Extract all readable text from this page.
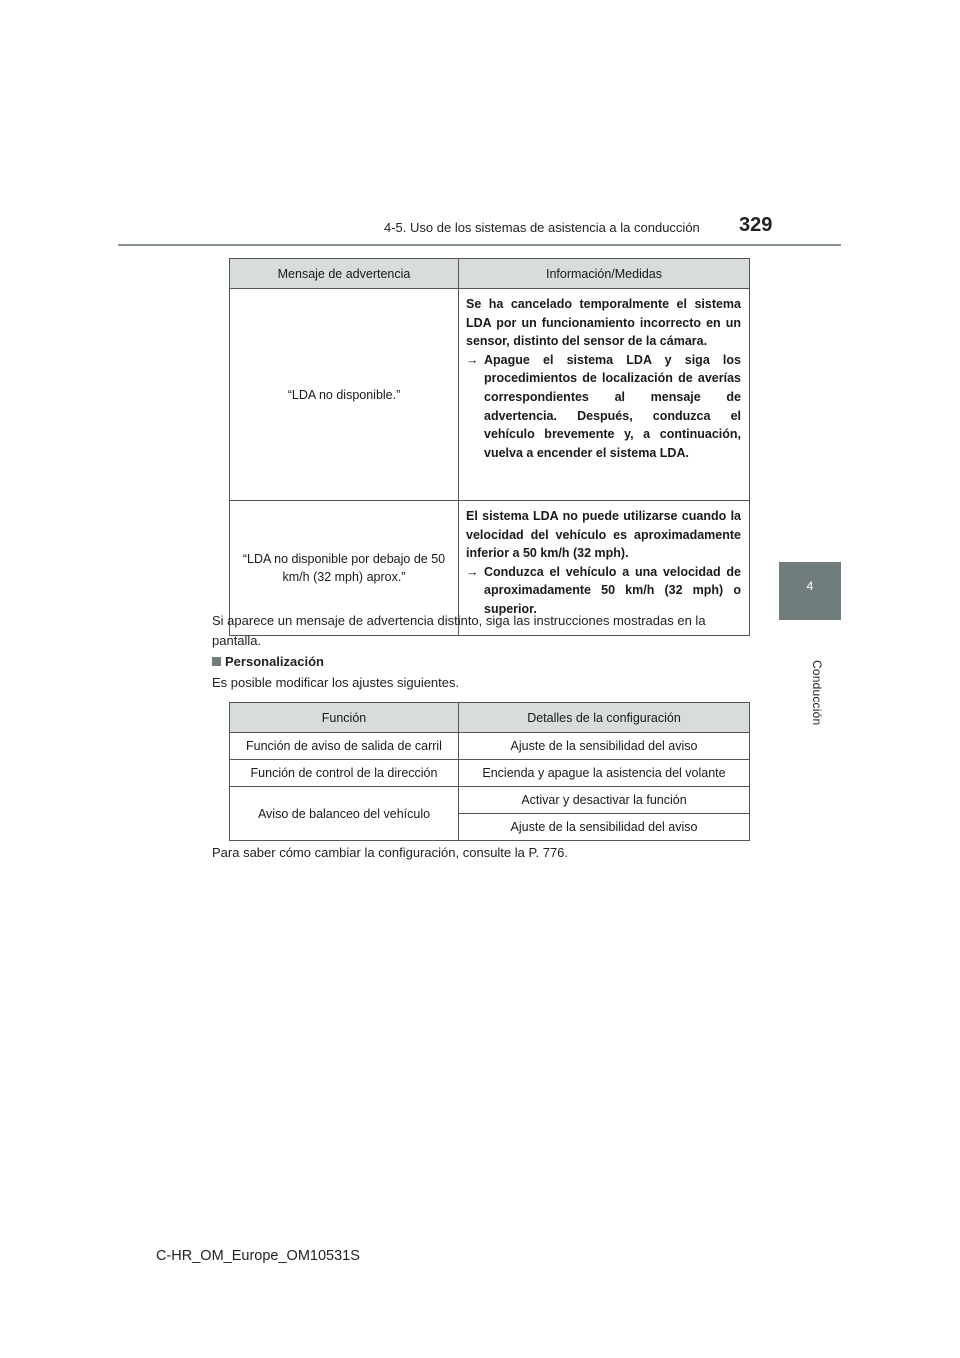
4-5. Uso de los sistemas de asistencia a la conducción 329
4
Conducción
Mensaje de advertencia	Información/Medidas
“LDA no disponible.”	Se ha cancelado temporalmente el sistema LDA por un funcionamiento incorrecto en un sensor, distinto del sensor de la cámara.

→ Apague el sistema LDA y siga los procedimientos de localización de averías correspondientes al mensaje de advertencia. Después, conduzca el vehículo brevemente y, a continuación, vuelva a encender el sistema LDA.

“LDA no disponible por debajo de 50 km/h (32 mph) aprox.”	El sistema LDA no puede utilizarse cuando la velocidad del vehículo es aproximadamente inferior a 50 km/h (32 mph).

→ Conduzca el vehículo a una velocidad de aproximadamente 50 km/h (32 mph) o superior.
Si aparece un mensaje de advertencia distinto, siga las instrucciones mostradas en la pantalla.
Personalización
Es posible modificar los ajustes siguientes.
Función	Detalles de la configuración
Función de aviso de salida de carril	Ajuste de la sensibilidad del aviso
Función de control de la dirección	Encienda y apague la asistencia del volante
Aviso de balanceo del vehículo	Activar y desactivar la función
	Ajuste de la sensibilidad del aviso
Para saber cómo cambiar la configuración, consulte la P. 776.
C-HR_OM_Europe_OM10531S
